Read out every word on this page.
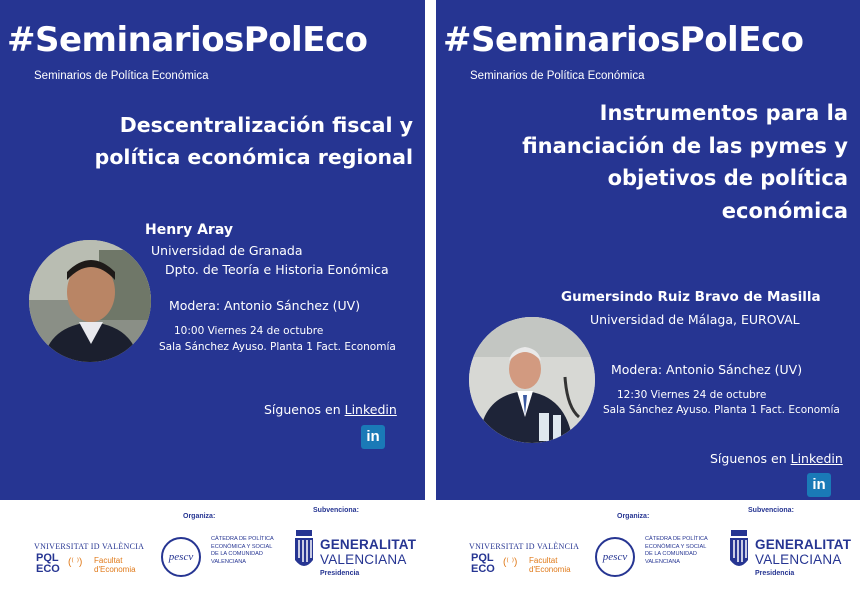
#SeminariosPolEco
Seminarios de Política Económica
Descentralización fiscal y
política económica regional
Henry Aray
Universidad de Granada
Dpto. de Teoría e Historia Eonómica
Modera: Antonio Sánchez (UV)
10:00 Viernes 24 de octubre
Sala Sánchez Ayuso. Planta 1 Fact. Economía
Síguenos en Linkedin
in
Organiza:
Subvenciona:
VNIVERSITAT ID VALÈNCIA
PQL
ECO
(⁽ ⁾) Facultat
d'Economia
pescv
CÀTEDRA DE POLÍTICA
ECONÒMICA Y SOCIAL
DE LA COMUNIDAD
VALENCIANA
GENERALITAT
VALENCIANA
Presidencia
#SeminariosPolEco
Seminarios de Política Económica
Instrumentos para la
financiación de las pymes y
objetivos de política
económica
Gumersindo Ruiz Bravo de Masilla
Universidad de Málaga, EUROVAL
Modera: Antonio Sánchez (UV)
12:30 Viernes 24 de octubre
Sala Sánchez Ayuso. Planta 1 Fact. Economía
Síguenos en Linkedin
in
Organiza:
Subvenciona:
VNIVERSITAT ID VALÈNCIA
PQL
ECO
(⁽ ⁾) Facultat
d'Economia
pescv
CÀTEDRA DE POLÍTICA
ECONÒMICA Y SOCIAL
DE LA COMUNIDAD
VALENCIANA
GENERALITAT
VALENCIANA
Presidencia
